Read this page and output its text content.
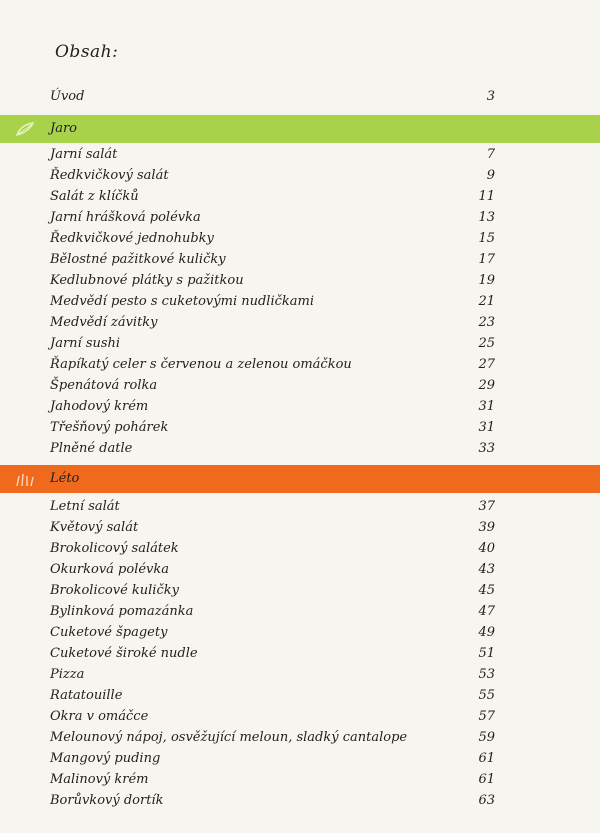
Obsah:
Úvod	3
Jaro
Jarní salát	7
Ředkvičkový salát	9
Salát z klíčků	11
Jarní hrášková polévka	13
Ředkvičkové jednohubky	15
Bělostné pažitkové kuličky	17
Kedlubnové plátky s pažitkou	19
Medvědí pesto s cuketovými nudličkami	21
Medvědí závitky	23
Jarní sushi	25
Řapíkatý celer s červenou a zelenou omáčkou	27
Špenátová rolka	29
Jahodový krém	31
Třešňový pohárek	31
Plněné datle	33
Léto
Letní salát	37
Květový salát	39
Brokolicový salátek	40
Okurková polévka	43
Brokolicové kuličky	45
Bylinková pomazánka	47
Cuketové špagety	49
Cuketové široké nudle	51
Pizza	53
Ratatouille	55
Okra v omáčce	57
Melounový nápoj, osvěžující meloun, sladký cantalope	59
Mangový puding	61
Malinový krém	61
Borůvkový dortík	63
